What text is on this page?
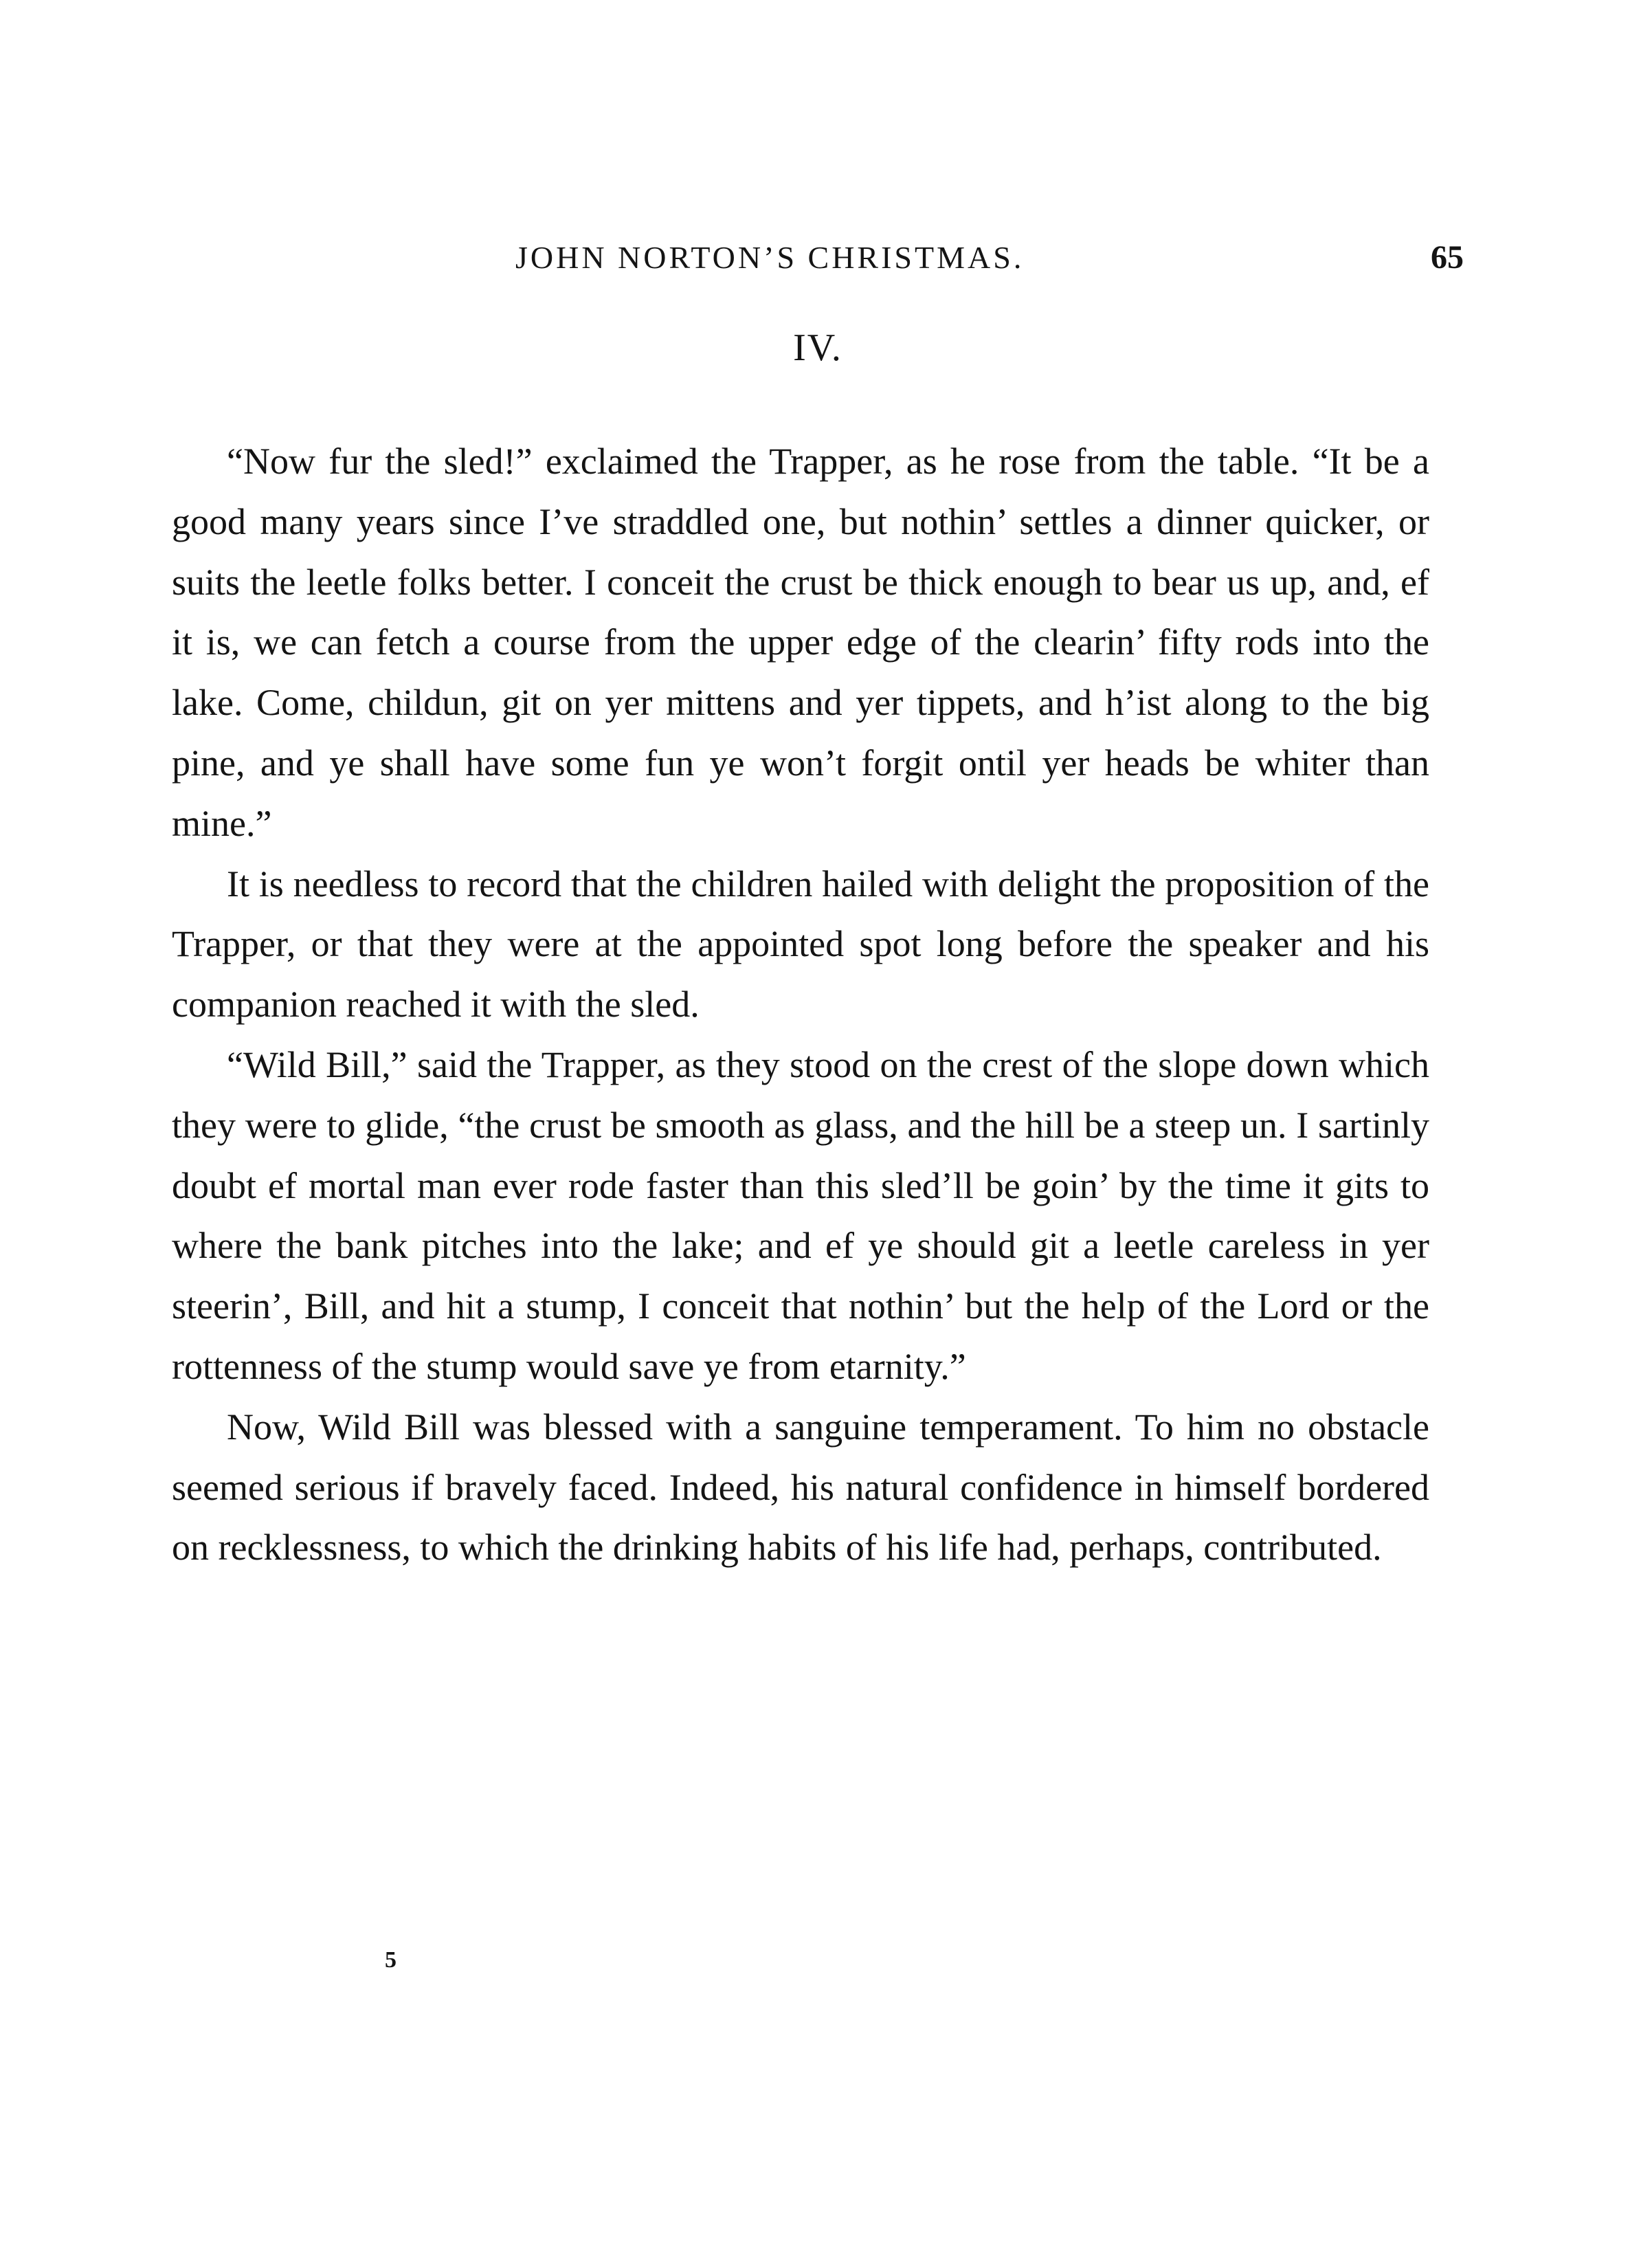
JOHN NORTON’S CHRISTMAS.	65
IV.

“Now fur the sled!” exclaimed the Trapper, as he rose from the table. “It be a good many years since I’ve straddled one, but nothin’ settles a dinner quicker, or suits the leetle folks better. I conceit the crust be thick enough to bear us up, and, ef it is, we can fetch a course from the upper edge of the clearin’ fifty rods into the lake. Come, childun, git on yer mittens and yer tippets, and h’ist along to the big pine, and ye shall have some fun ye won’t forgit ontil yer heads be whiter than mine.”

It is needless to record that the children hailed with delight the proposition of the Trapper, or that they were at the appointed spot long before the speaker and his companion reached it with the sled.

“Wild Bill,” said the Trapper, as they stood on the crest of the slope down which they were to glide, “the crust be smooth as glass, and the hill be a steep un. I sartinly doubt ef mortal man ever rode faster than this sled’ll be goin’ by the time it gits to where the bank pitches into the lake; and ef ye should git a leetle careless in yer steerin’, Bill, and hit a stump, I conceit that nothin’ but the help of the Lord or the rottenness of the stump would save ye from etarnity.”

Now, Wild Bill was blessed with a sanguine temperament. To him no obstacle seemed serious if bravely faced. Indeed, his natural confidence in himself bordered on recklessness, to which the drinking habits of his life had, perhaps, contributed.

5
